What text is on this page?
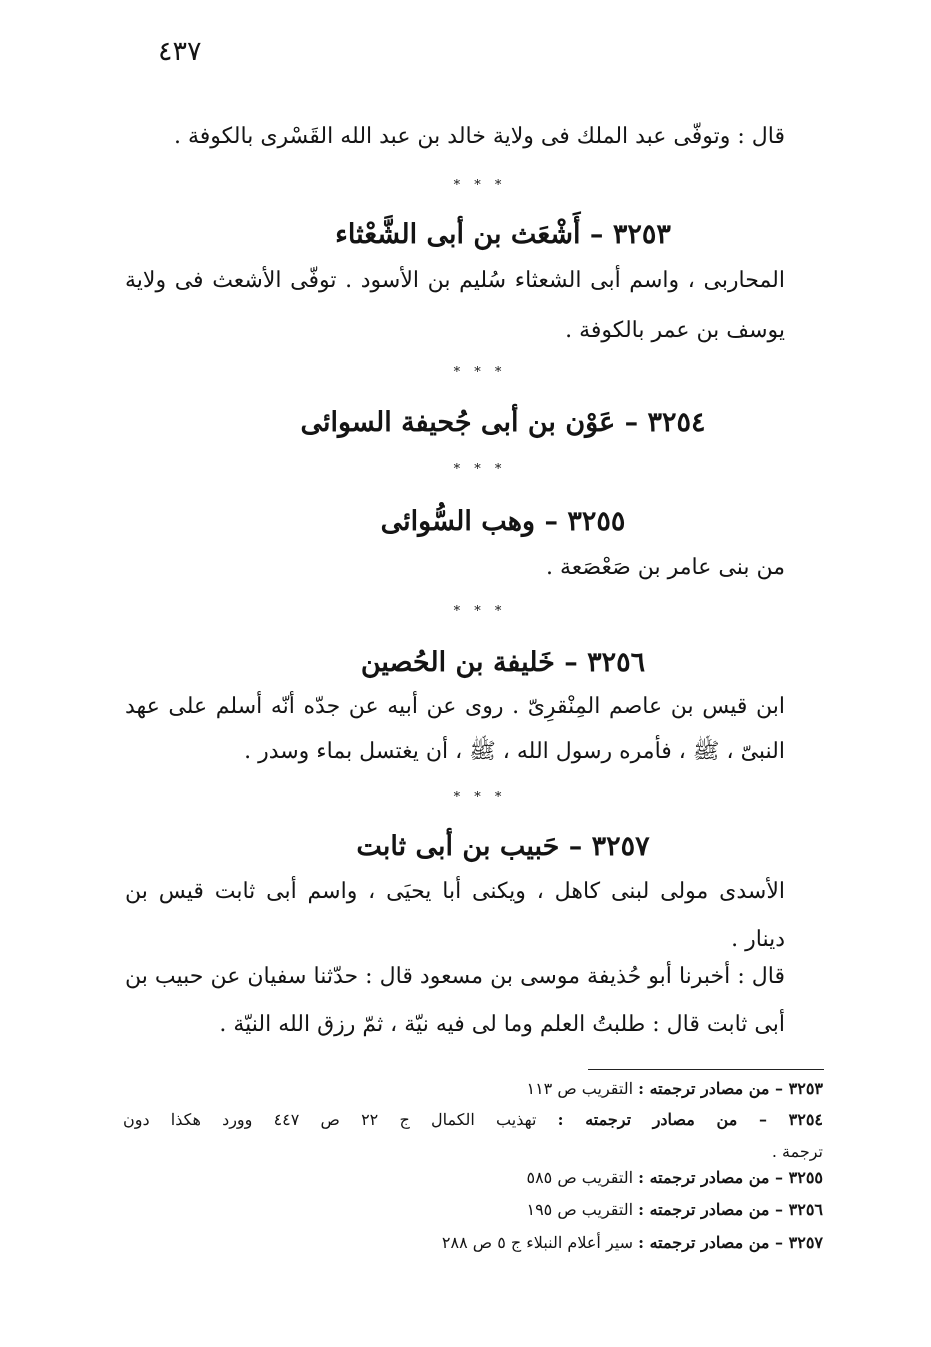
٤٣٧
قال : وتوفّى عبد الملك فى ولاية خالد بن عبد الله القَسْرى بالكوفة .
* * *
٣٢٥٣ – أَشْعَث بن أبى الشَّعْثاء
المحاربى ، واسم أبى الشعثاء سُليم بن الأسود . توفّى الأشعث فى ولاية
يوسف بن عمر بالكوفة .
* * *
٣٢٥٤ – عَوْن بن أبى جُحيفة السوائى
* * *
٣٢٥٥ – وهب السُّوائى
من بنى عامر بن صَعْصَعة .
* * *
٣٢٥٦ – خَليفة بن الحُصين
ابن قيس بن عاصم المِنْقرِىّ . روى عن أبيه عن جدّه أنّه أسلم على عهد
النبىّ ، ﷺ ، فأمره رسول الله ، ﷺ ، أن يغتسل بماء وسدر .
* * *
٣٢٥٧ – حَبيب بن أبى ثابت
الأسدى مولى لبنى كاهل ، ويكنى أبا يحيَى ، واسم أبى ثابت قيس بن
دينار .
قال : أخبرنا أبو حُذيفة موسى بن مسعود قال : حدّثنا سفيان عن حبيب بن
أبى ثابت قال : طلبتُ العلم وما لى فيه نيّة ، ثمّ رزق الله النيّة .
٣٢٥٣ – من مصادر ترجمته : التقريب ص ١١٣
٣٢٥٤ – من مصادر ترجمته : تهذيب الكمال ج ٢٢ ص ٤٤٧ وورد هكذا دون
ترجمة .
٣٢٥٥ – من مصادر ترجمته : التقريب ص ٥٨٥
٣٢٥٦ – من مصادر ترجمته : التقريب ص ١٩٥
٣٢٥٧ – من مصادر ترجمته : سير أعلام النبلاء ج ٥ ص ٢٨٨
